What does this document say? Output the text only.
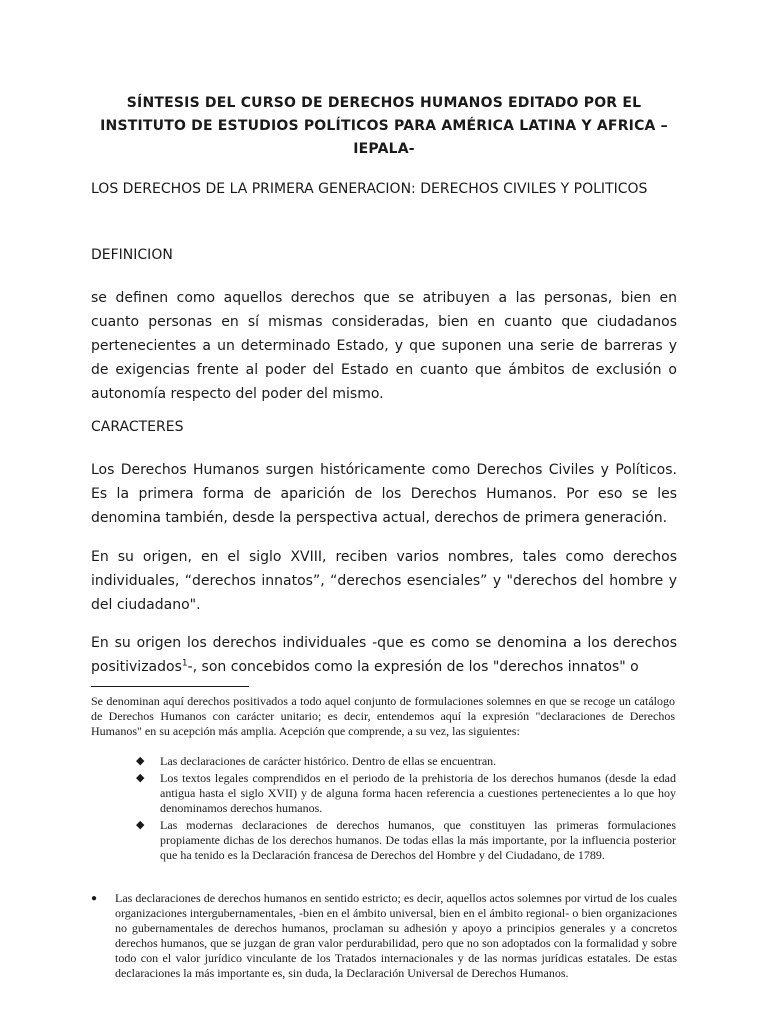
SÍNTESIS DEL CURSO DE DERECHOS HUMANOS EDITADO POR EL INSTITUTO DE ESTUDIOS POLÍTICOS PARA AMÉRICA LATINA Y AFRICA –IEPALA-

LOS DERECHOS DE LA PRIMERA GENERACION: DERECHOS CIVILES Y POLITICOS

DEFINICION

se definen como aquellos derechos que se atribuyen a las personas, bien en cuanto personas en sí mismas consideradas, bien en cuanto que ciudadanos pertenecientes a un determinado Estado, y que suponen una serie de barreras y de exigencias frente al poder del Estado en cuanto que ámbitos de exclusión o autonomía respecto del poder del mismo.

CARACTERES

Los Derechos Humanos surgen históricamente como Derechos Civiles y Políticos. Es la primera forma de aparición de los Derechos Humanos. Por eso se les denomina también, desde la perspectiva actual, derechos de primera generación.

En su origen, en el siglo XVIII, reciben varios nombres, tales como derechos individuales, “derechos innatos”, “derechos esenciales” y "derechos del hombre y del ciudadano".

En su origen los derechos individuales -que es como se denomina a los derechos positivizados$^1$-, son concebidos como la expresión de los "derechos innatos" o

Se denominan aquí derechos positivados a todo aquel conjunto de formulaciones solemnes en que se recoge un catálogo de Derechos Humanos con carácter unitario; es decir, entendemos aquí la expresión "declaraciones de Derechos Humanos" en su acepción más amplia. Acepción que comprende, a su vez, las siguientes:

◆ Las declaraciones de carácter histórico. Dentro de ellas se encuentran.
◆ Los textos legales comprendidos en el periodo de la prehistoria de los derechos humanos (desde la edad antigua hasta el siglo XVII) y de alguna forma hacen referencia a cuestiones pertenecientes a lo que hoy denominamos derechos humanos.
◆ Las modernas declaraciones de derechos humanos, que constituyen las primeras formulaciones propiamente dichas de los derechos humanos. De todas ellas la más importante, por la influencia posterior que ha tenido es la Declaración francesa de Derechos del Hombre y del Ciudadano, de 1789.
● Las declaraciones de derechos humanos en sentido estricto; es decir, aquellos actos solemnes por virtud de los cuales organizaciones intergubernamentales, -bien en el ámbito universal, bien en el ámbito regional- o bien organizaciones no gubernamentales de derechos humanos, proclaman su adhesión y apoyo a principios generales y a concretos derechos humanos, que se juzgan de gran valor perdurabilidad, pero que no son adoptados con la formalidad y sobre todo con el valor jurídico vinculante de los Tratados internacionales y de las normas jurídicas estatales. De estas declaraciones la más importante es, sin duda, la Declaración Universal de Derechos Humanos.
